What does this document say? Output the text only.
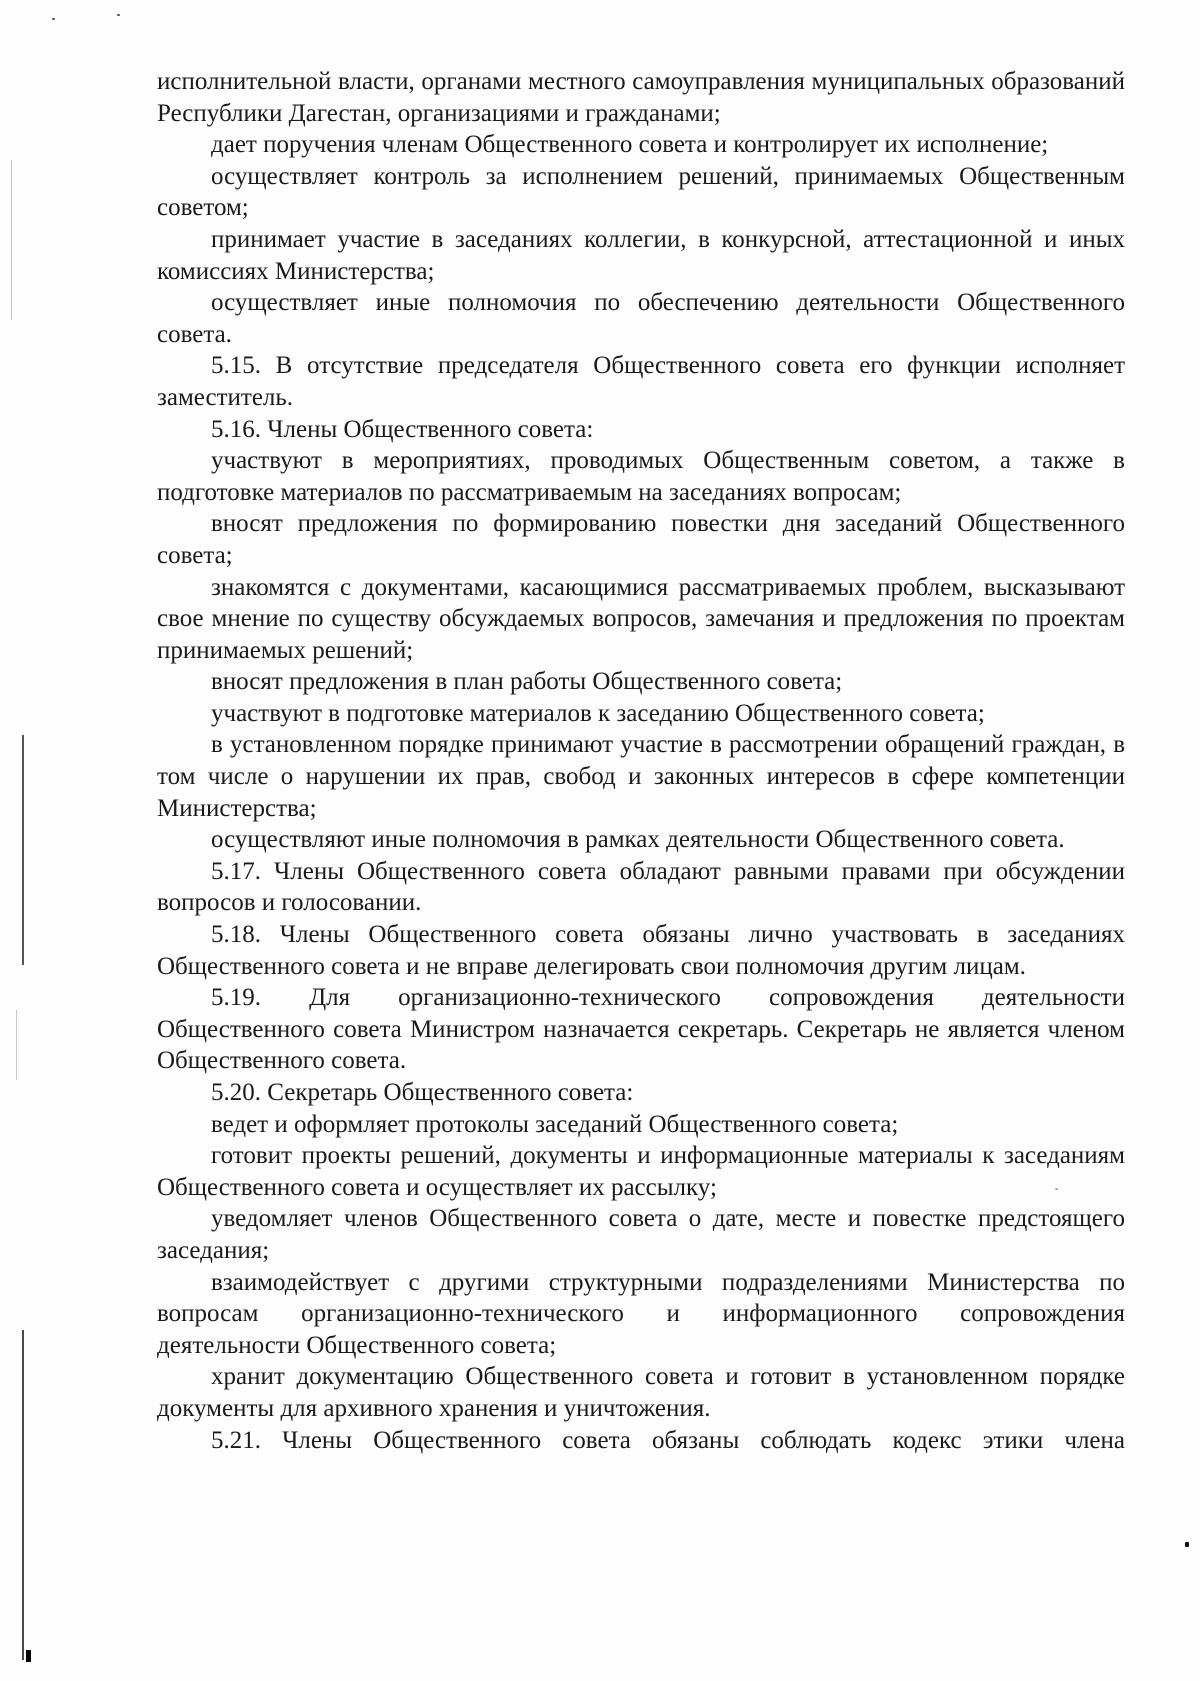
исполнительной власти, органами местного самоуправления муниципальных образований Республики Дагестан, организациями и гражданами;

дает поручения членам Общественного совета и контролирует их исполнение;

осуществляет контроль за исполнением решений, принимаемых Общественным советом;

принимает участие в заседаниях коллегии, в конкурсной, аттестационной и иных комиссиях Министерства;

осуществляет иные полномочия по обеспечению деятельности Общественного совета.

5.15. В отсутствие председателя Общественного совета его функции исполняет заместитель.

5.16. Члены Общественного совета:

участвуют в мероприятиях, проводимых Общественным советом, а также в подготовке материалов по рассматриваемым на заседаниях вопросам;

вносят предложения по формированию повестки дня заседаний Общественного совета;

знакомятся с документами, касающимися рассматриваемых проблем, высказывают свое мнение по существу обсуждаемых вопросов, замечания и предложения по проектам принимаемых решений;

вносят предложения в план работы Общественного совета;

участвуют в подготовке материалов к заседанию Общественного совета;

в установленном порядке принимают участие в рассмотрении обращений граждан, в том числе о нарушении их прав, свобод и законных интересов в сфере компетенции Министерства;

осуществляют иные полномочия в рамках деятельности Общественного совета.

5.17. Члены Общественного совета обладают равными правами при обсуждении вопросов и голосовании.

5.18. Члены Общественного совета обязаны лично участвовать в заседаниях Общественного совета и не вправе делегировать свои полномочия другим лицам.

5.19. Для организационно-технического сопровождения деятельности Общественного совета Министром назначается секретарь. Секретарь не является членом Общественного совета.

5.20. Секретарь Общественного совета:

ведет и оформляет протоколы заседаний Общественного совета;

готовит проекты решений, документы и информационные материалы к заседаниям Общественного совета и осуществляет их рассылку;

уведомляет членов Общественного совета о дате, месте и повестке предстоящего заседания;

взаимодействует с другими структурными подразделениями Министерства по вопросам организационно-технического и информационного сопровождения деятельности Общественного совета;

хранит документацию Общественного совета и готовит в установленном порядке документы для архивного хранения и уничтожения.

5.21. Члены Общественного совета обязаны соблюдать кодекс этики члена
